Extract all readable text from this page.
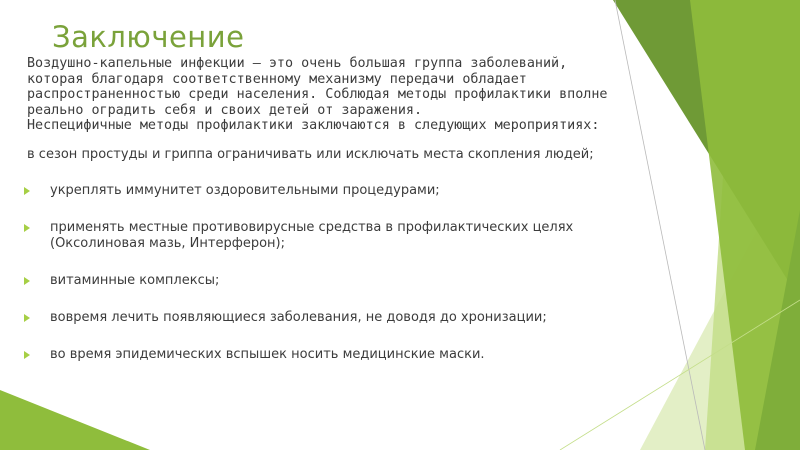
Заключение
Воздушно-капельные инфекции – это очень большая группа заболеваний, которая благодаря соответственному механизму передачи обладает распространенностью среди населения. Соблюдая методы профилактики вполне реально оградить себя и своих детей от заражения.
Неспецифичные методы профилактики заключаются в следующих мероприятиях:
в сезон простуды и гриппа ограничивать или исключать места скопления людей;
укреплять иммунитет оздоровительными процедурами;
применять местные противовирусные средства в профилактических целях (Оксолиновая мазь, Интерферон);
витаминные комплексы;
вовремя лечить появляющиеся заболевания, не доводя до хронизации;
во время эпидемических вспышек носить медицинские маски.
